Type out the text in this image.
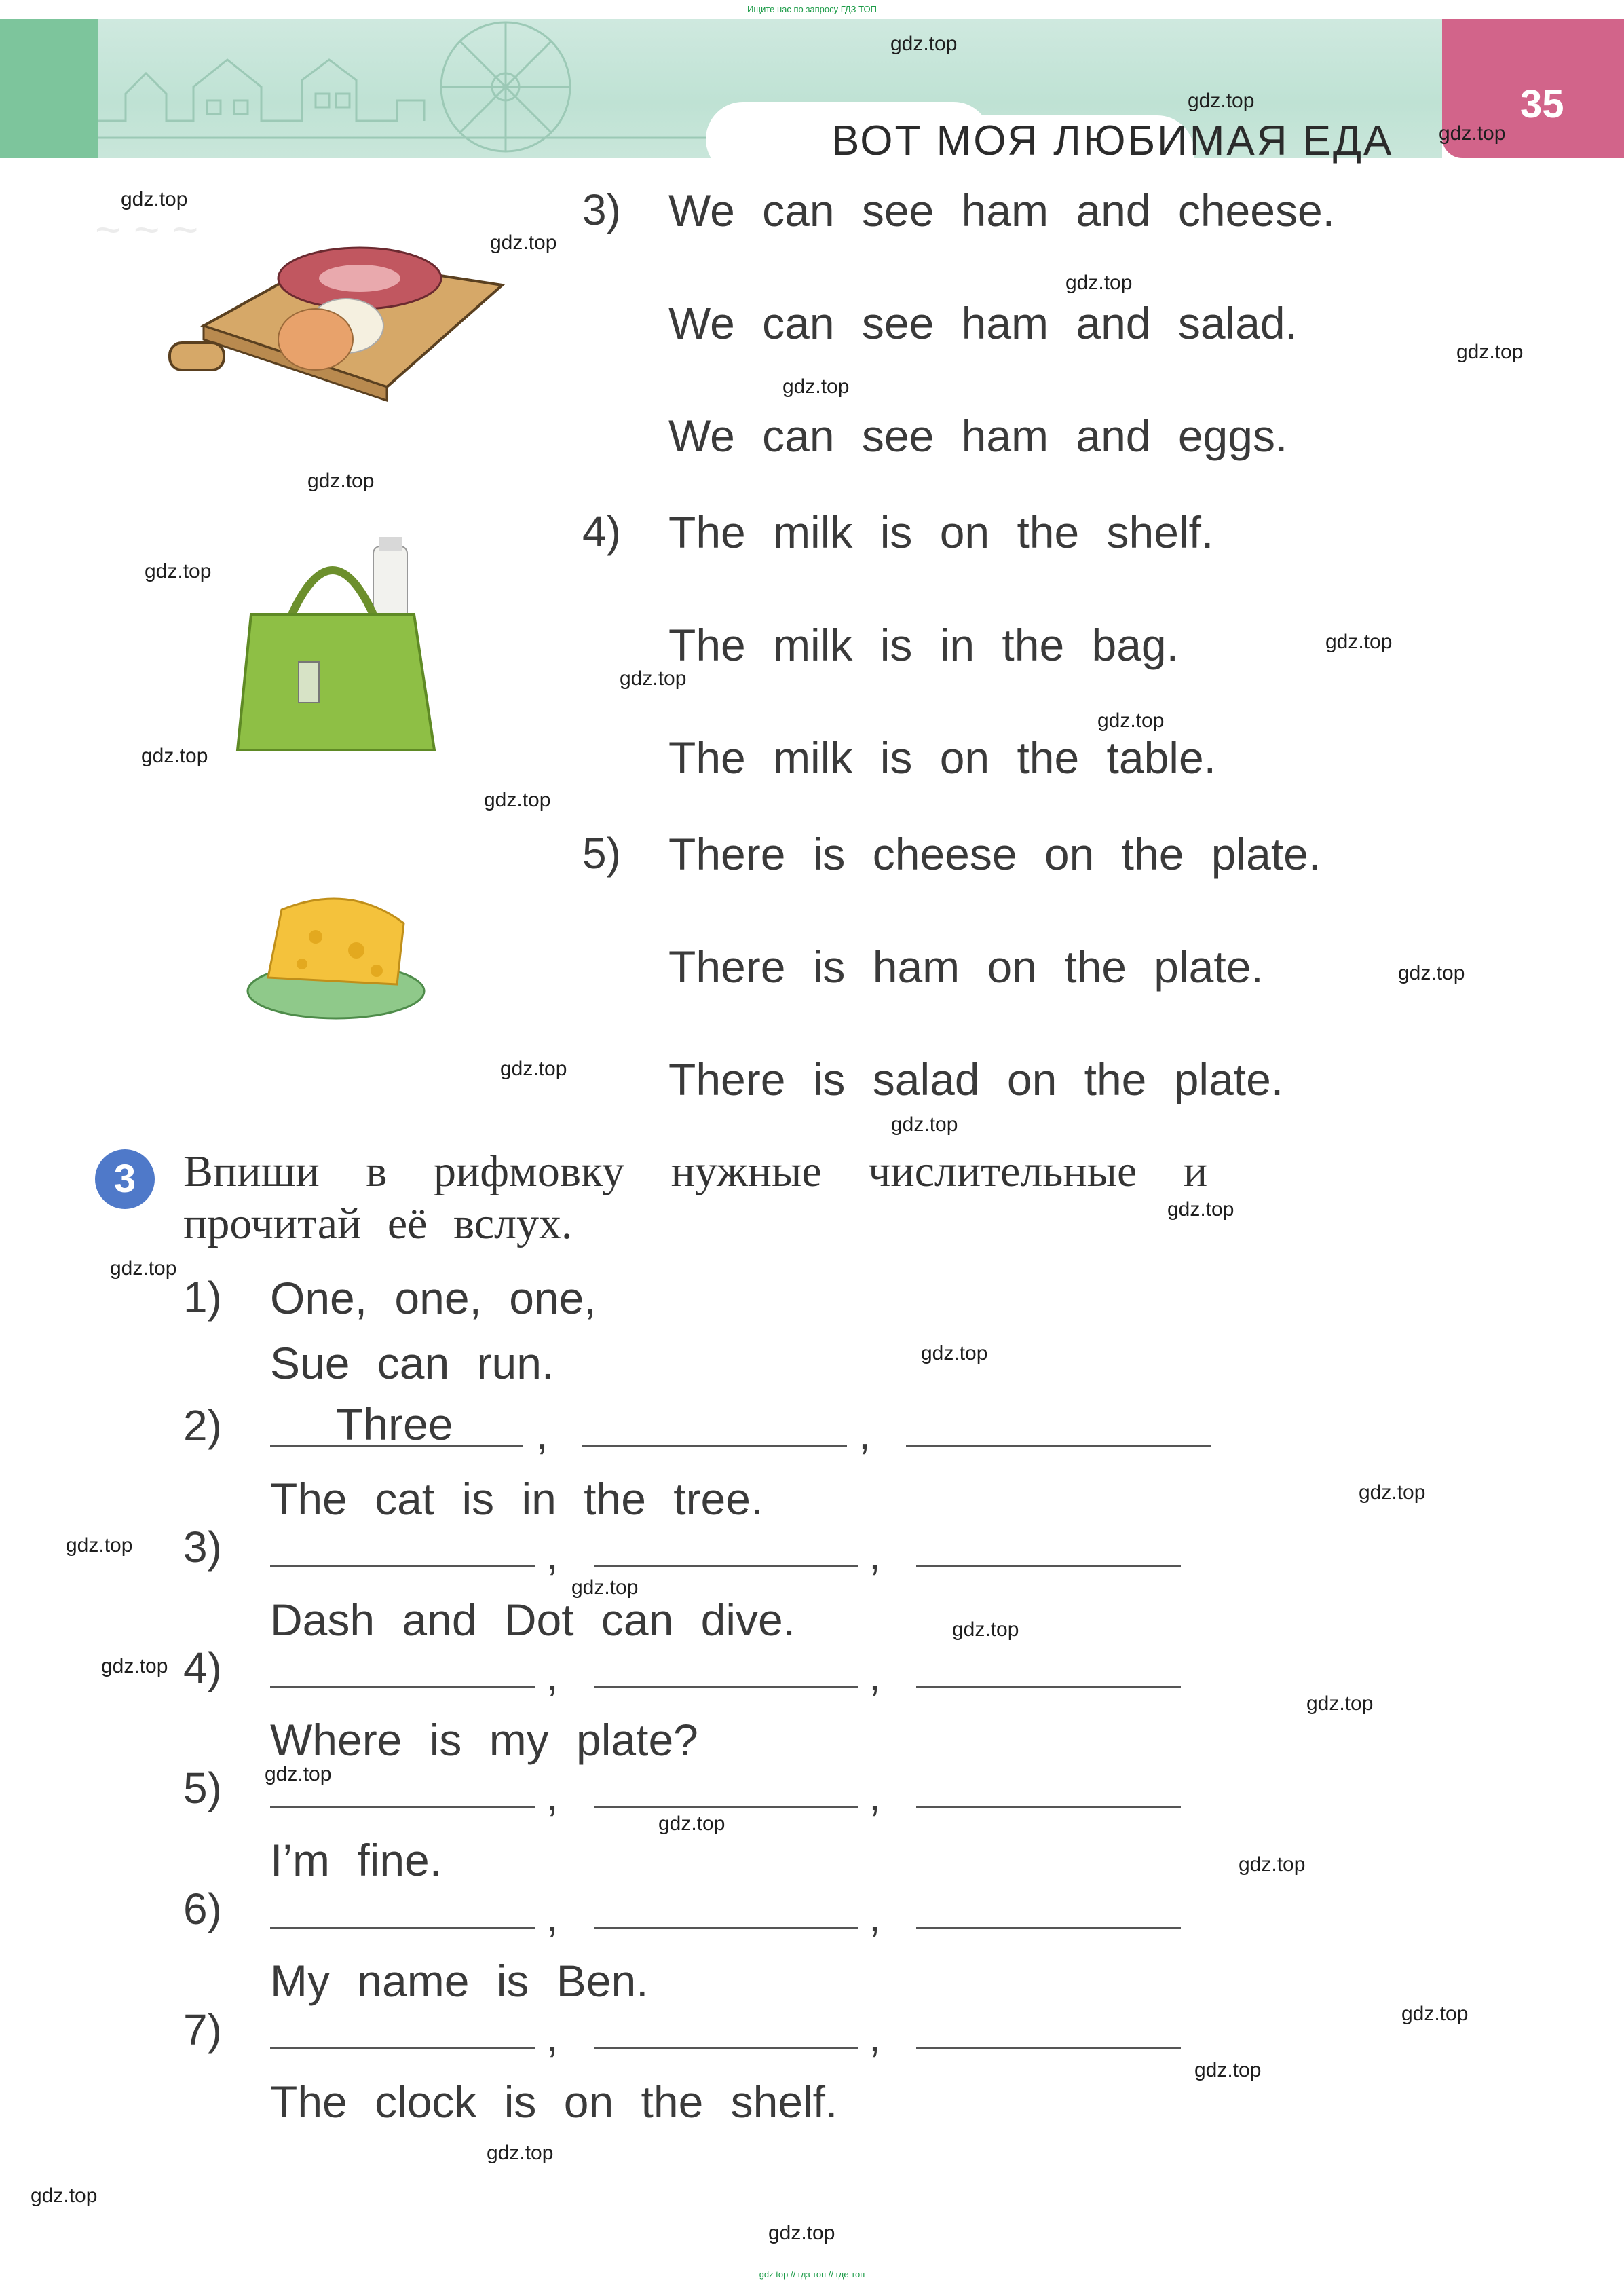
~ ~ ~
Ищите нас по запросу ГДЗ ТОП
ВОТ МОЯ ЛЮБИМАЯ ЕДА
35
3) We can see ham and cheese.
We can see ham and salad.
We can see ham and eggs.
4) The milk is on the shelf.
The milk is in the bag.
The milk is on the table.
5) There is cheese on the plate.
There is ham on the plate.
There is salad on the plate.
3	Впиши в рифмовку нужные числительные и
прочитай её вслух.
1) One, one, one,
Sue can run.
2)	Three ,	,
The cat is in the tree.
3)	,	,
Dash and Dot can dive.
4)	,	,
Where is my plate?
5)	,	,
I’m fine.
6)	,	,
My name is Ben.
7)	,	,
The clock is on the shelf.
gdz.top
gdz.top
gdz.top
gdz.top
gdz.top
gdz.top
gdz.top
gdz.top
gdz.top
gdz.top
gdz.top
gdz.top
gdz.top
gdz.top
gdz.top
gdz.top
gdz.top
gdz.top
gdz.top
gdz.top
gdz.top
gdz.top
gdz.top
gdz.top
gdz.top
gdz.top
gdz.top
gdz.top
gdz.top
gdz.top
gdz.top
gdz.top
gdz.top
gdz.top
gdz.top
gdz top // гдз топ // где топ
